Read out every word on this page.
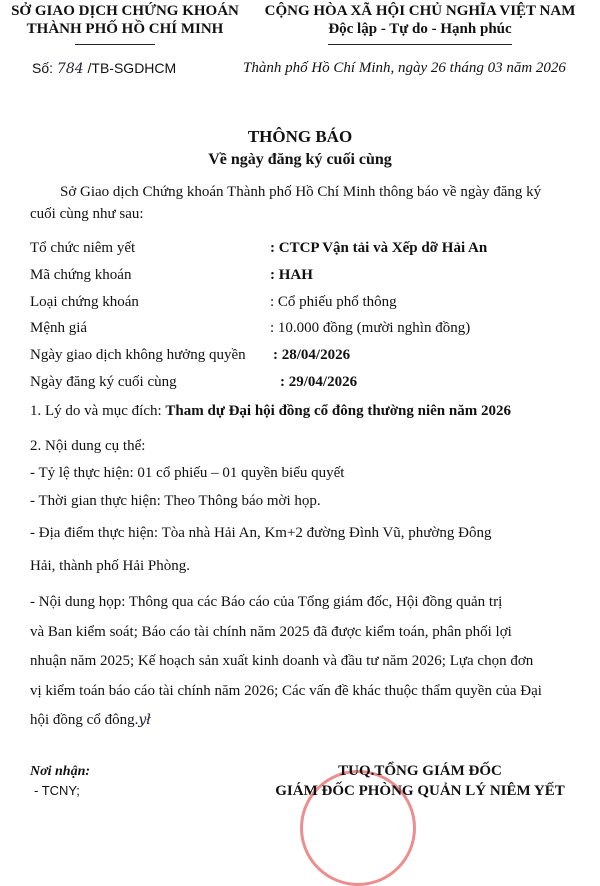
SỞ GIAO DỊCH CHỨNG KHOÁN
THÀNH PHỐ HỒ CHÍ MINH
CỘNG HÒA XÃ HỘI CHỦ NGHĨA VIỆT NAM
Độc lập - Tự do - Hạnh phúc
Số: 784 /TB-SGDHCM	Thành phố Hồ Chí Minh, ngày 26 tháng 03 năm 2026
THÔNG BÁO
Về ngày đăng ký cuối cùng
Sở Giao dịch Chứng khoán Thành phố Hồ Chí Minh thông báo về ngày đăng ký
cuối cùng như sau:
Tổ chức niêm yết	: CTCP Vận tải và Xếp dỡ Hải An
Mã chứng khoán	: HAH
Loại chứng khoán	: Cổ phiếu phổ thông
Mệnh giá	: 10.000 đồng (mười nghìn đồng)
Ngày giao dịch không hưởng quyền : 28/04/2026
Ngày đăng ký cuối cùng	: 29/04/2026
1. Lý do và mục đích: Tham dự Đại hội đồng cổ đông thường niên năm 2026
2. Nội dung cụ thể:
- Tỷ lệ thực hiện: 01 cổ phiếu – 01 quyền biểu quyết
- Thời gian thực hiện: Theo Thông báo mời họp.
- Địa điểm thực hiện: Tòa nhà Hải An, Km+2 đường Đình Vũ, phường Đông
Hải, thành phố Hải Phòng.
- Nội dung họp: Thông qua các Báo cáo của Tổng giám đốc, Hội đồng quản trị
và Ban kiểm soát; Báo cáo tài chính năm 2025 đã được kiểm toán, phân phối lợi
nhuận năm 2025; Kế hoạch sản xuất kinh doanh và đầu tư năm 2026; Lựa chọn đơn
vị kiểm toán báo cáo tài chính năm 2026; Các vấn đề khác thuộc thẩm quyền của Đại
hội đồng cổ đông.ył
Nơi nhận:
- TCNY;
TUQ.TỔNG GIÁM ĐỐC
GIÁM ĐỐC PHÒNG QUẢN LÝ NIÊM YẾT
